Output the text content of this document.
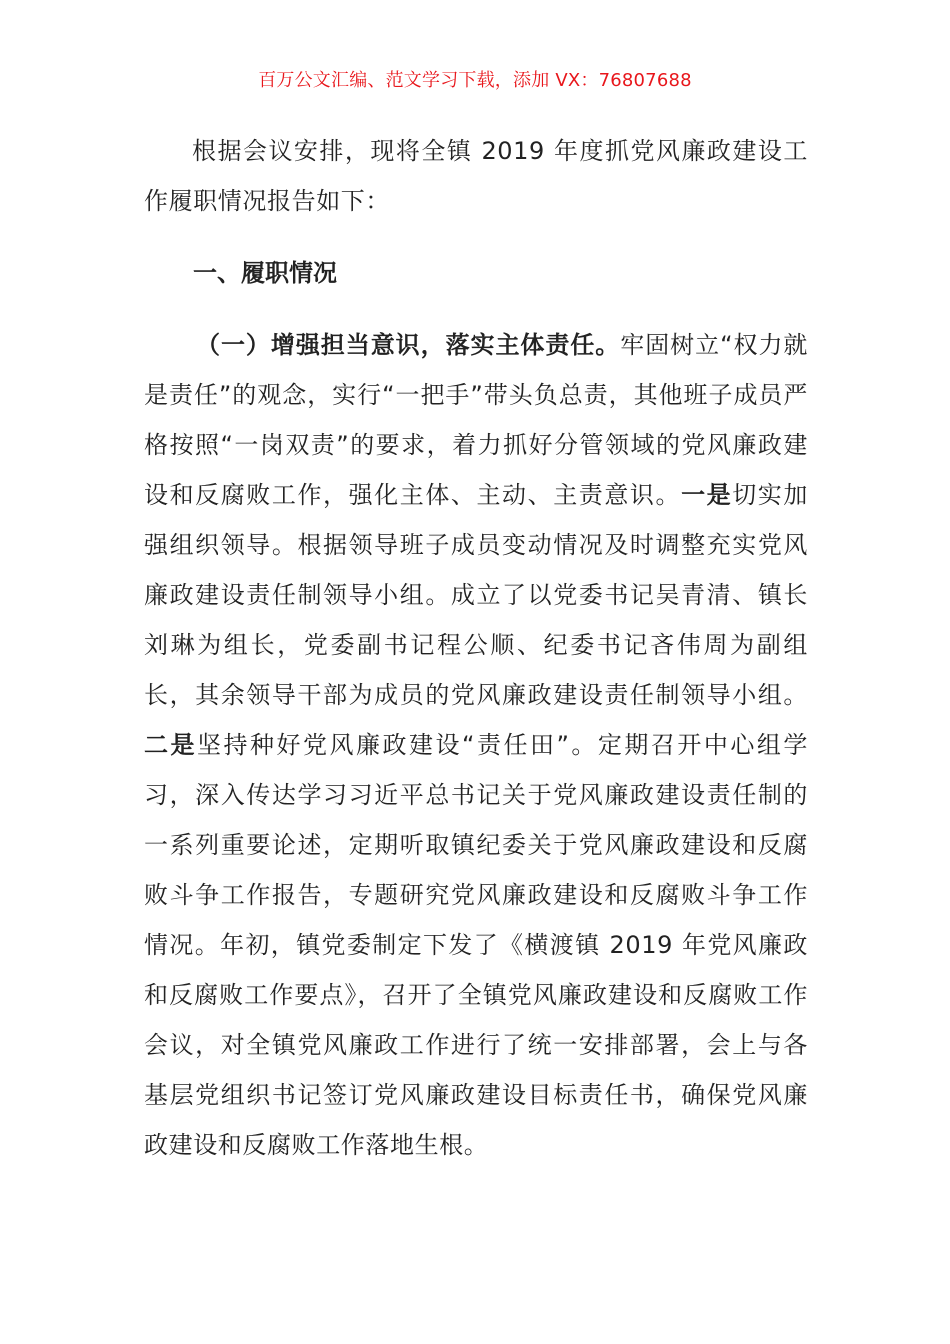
百万公文汇编、范文学习下载，添加 VX：76807688

根据会议安排，现将全镇 2019 年度抓党风廉政建设工作履职情况报告如下：

一、履职情况

（一）增强担当意识，落实主体责任。牢固树立“权力就是责任”的观念，实行“一把手”带头负总责，其他班子成员严格按照“一岗双责”的要求，着力抓好分管领域的党风廉政建设和反腐败工作，强化主体、主动、主责意识。一是切实加强组织领导。根据领导班子成员变动情况及时调整充实党风廉政建设责任制领导小组。成立了以党委书记吴青清、镇长刘琳为组长，党委副书记程公顺、纪委书记吝伟周为副组长，其余领导干部为成员的党风廉政建设责任制领导小组。二是坚持种好党风廉政建设“责任田”。定期召开中心组学习，深入传达学习习近平总书记关于党风廉政建设责任制的一系列重要论述，定期听取镇纪委关于党风廉政建设和反腐败斗争工作报告，专题研究党风廉政建设和反腐败斗争工作情况。年初，镇党委制定下发了《横渡镇 2019 年党风廉政和反腐败工作要点》，召开了全镇党风廉政建设和反腐败工作会议，对全镇党风廉政工作进行了统一安排部署，会上与各基层党组织书记签订党风廉政建设目标责任书，确保党风廉政建设和反腐败工作落地生根。
